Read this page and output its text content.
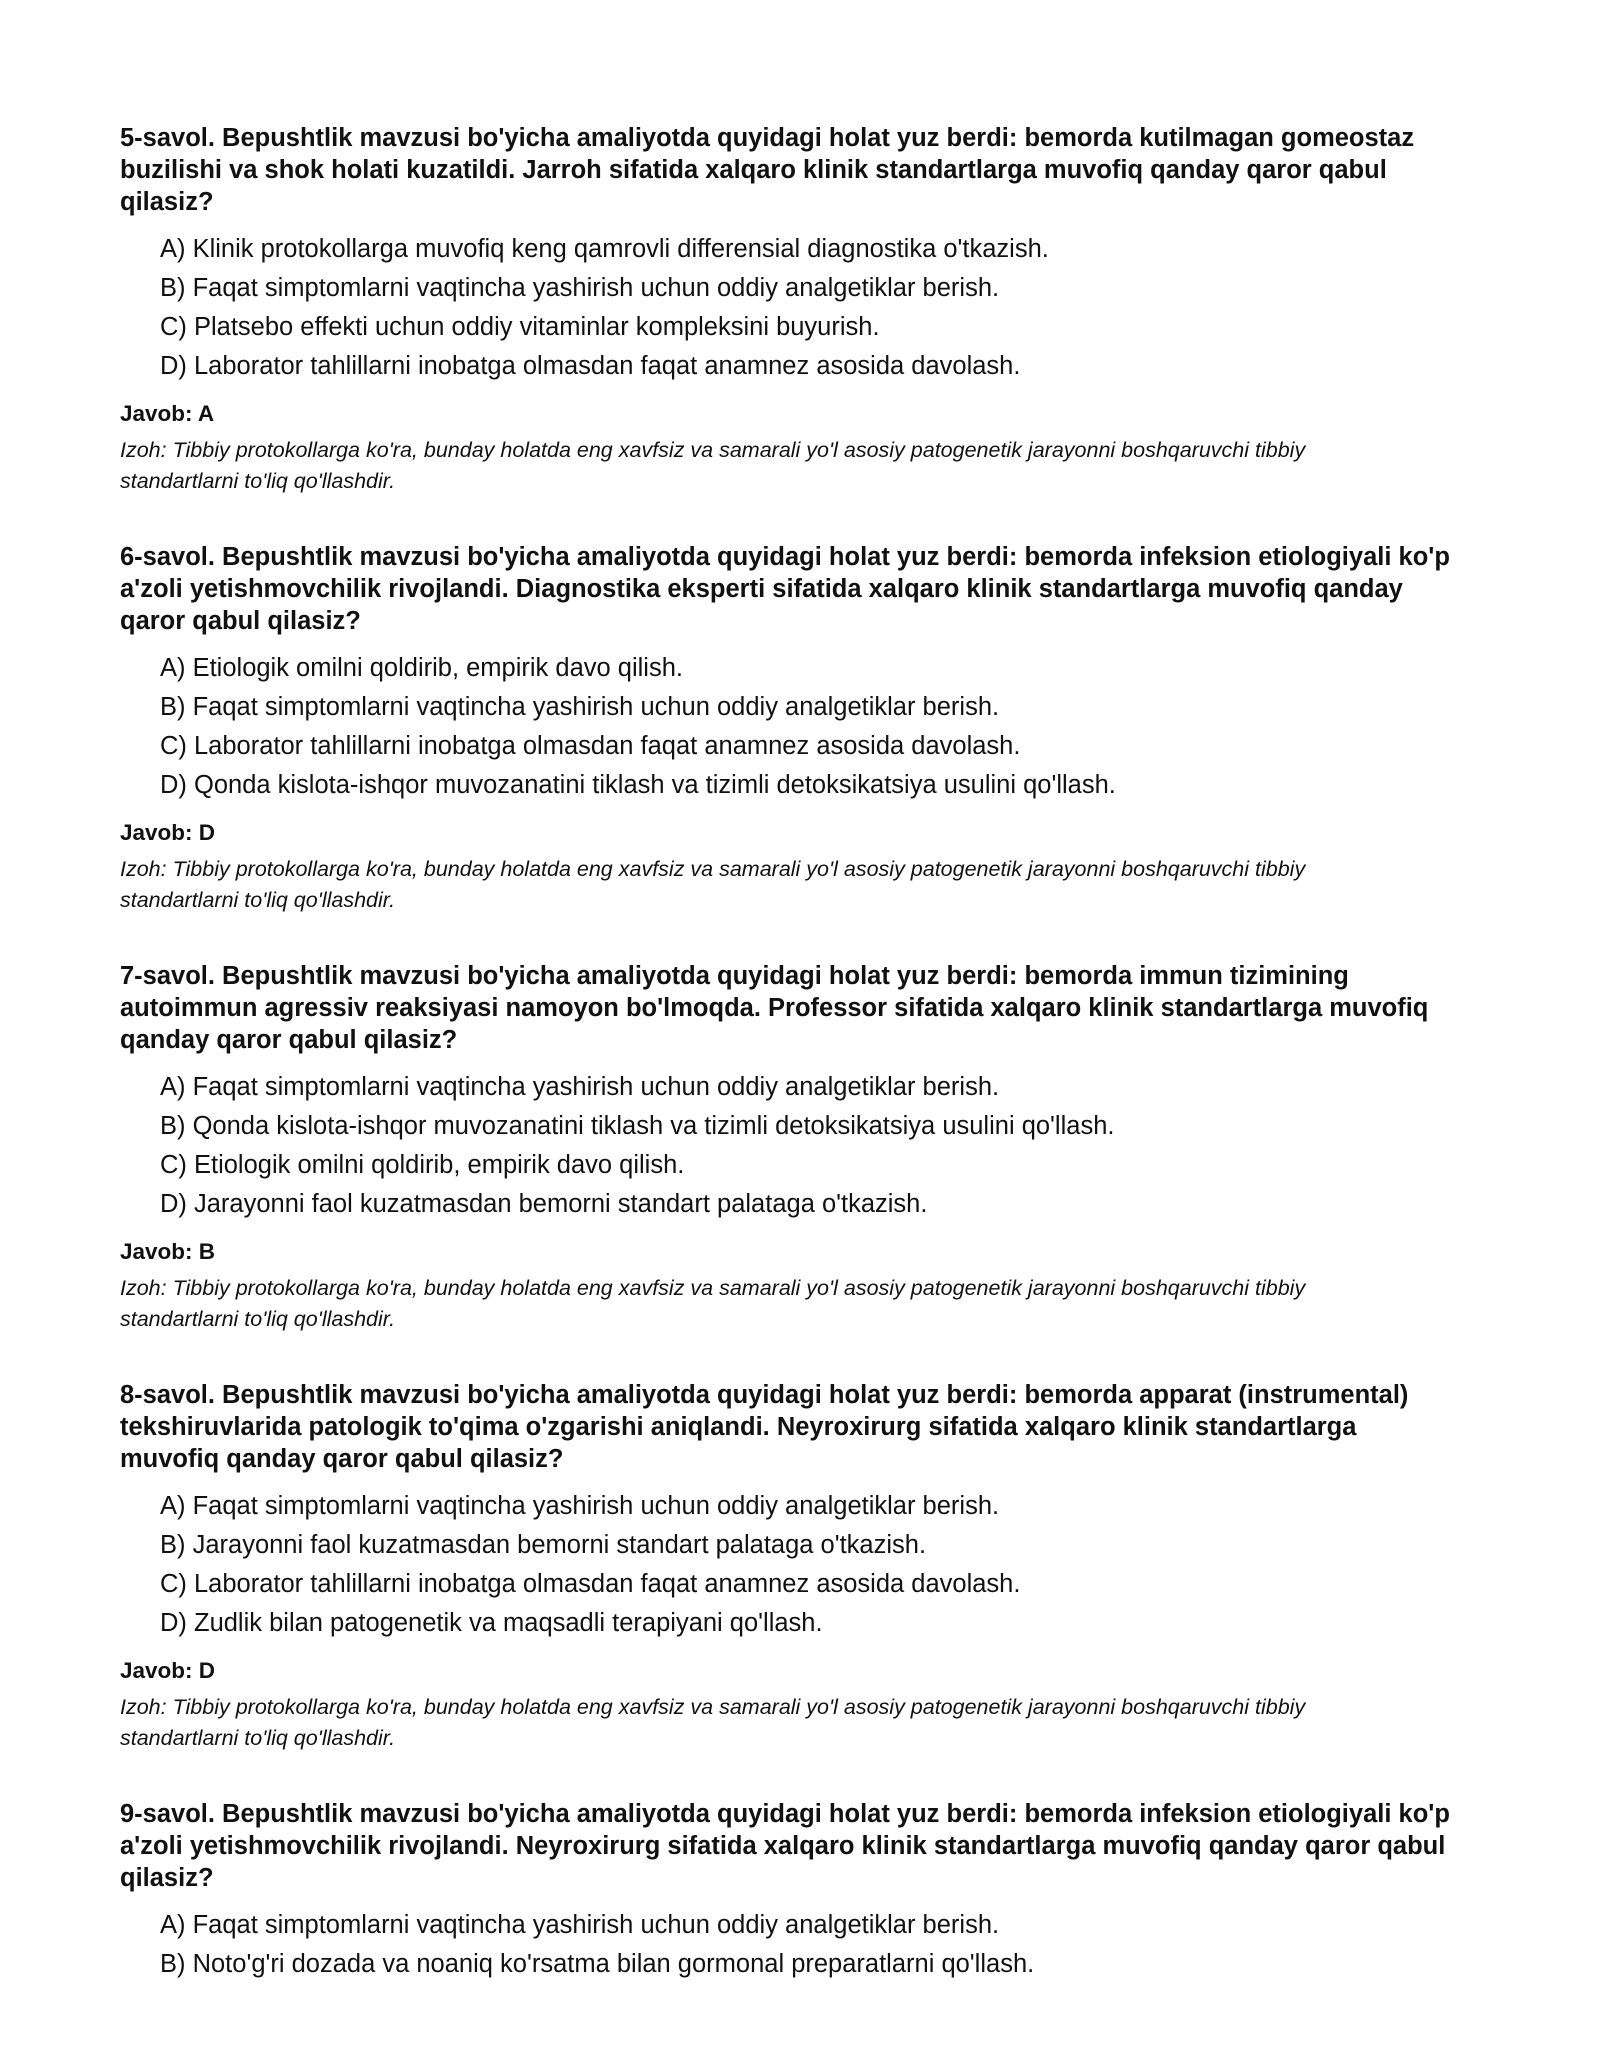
5-savol. Bepushtlik mavzusi bo'yicha amaliyotda quyidagi holat yuz berdi: bemorda kutilmagan gomeostaz buzilishi va shok holati kuzatildi. Jarroh sifatida xalqaro klinik standartlarga muvofiq qanday qaror qabul qilasiz?
A) Klinik protokollarga muvofiq keng qamrovli differensial diagnostika o'tkazish.
B) Faqat simptomlarni vaqtincha yashirish uchun oddiy analgetiklar berish.
C) Platsebo effekti uchun oddiy vitaminlar kompleksini buyurish.
D) Laborator tahlillarni inobatga olmasdan faqat anamnez asosida davolash.
Javob: A
Izoh: Tibbiy protokollarga ko'ra, bunday holatda eng xavfsiz va samarali yo'l asosiy patogenetik jarayonni boshqaruvchi tibbiy standartlarni to'liq qo'llashdir.
6-savol. Bepushtlik mavzusi bo'yicha amaliyotda quyidagi holat yuz berdi: bemorda infeksion etiologiyali ko'p a'zoli yetishmovchilik rivojlandi. Diagnostika eksperti sifatida xalqaro klinik standartlarga muvofiq qanday qaror qabul qilasiz?
A) Etiologik omilni qoldirib, empirik davo qilish.
B) Faqat simptomlarni vaqtincha yashirish uchun oddiy analgetiklar berish.
C) Laborator tahlillarni inobatga olmasdan faqat anamnez asosida davolash.
D) Qonda kislota-ishqor muvozanatini tiklash va tizimli detoksikatsiya usulini qo'llash.
Javob: D
Izoh: Tibbiy protokollarga ko'ra, bunday holatda eng xavfsiz va samarali yo'l asosiy patogenetik jarayonni boshqaruvchi tibbiy standartlarni to'liq qo'llashdir.
7-savol. Bepushtlik mavzusi bo'yicha amaliyotda quyidagi holat yuz berdi: bemorda immun tizimining autoimmun agressiv reaksiyasi namoyon bo'lmoqda. Professor sifatida xalqaro klinik standartlarga muvofiq qanday qaror qabul qilasiz?
A) Faqat simptomlarni vaqtincha yashirish uchun oddiy analgetiklar berish.
B) Qonda kislota-ishqor muvozanatini tiklash va tizimli detoksikatsiya usulini qo'llash.
C) Etiologik omilni qoldirib, empirik davo qilish.
D) Jarayonni faol kuzatmasdan bemorni standart palataga o'tkazish.
Javob: B
Izoh: Tibbiy protokollarga ko'ra, bunday holatda eng xavfsiz va samarali yo'l asosiy patogenetik jarayonni boshqaruvchi tibbiy standartlarni to'liq qo'llashdir.
8-savol. Bepushtlik mavzusi bo'yicha amaliyotda quyidagi holat yuz berdi: bemorda apparat (instrumental) tekshiruvlarida patologik to'qima o'zgarishi aniqlandi. Neyroxirurg sifatida xalqaro klinik standartlarga muvofiq qanday qaror qabul qilasiz?
A) Faqat simptomlarni vaqtincha yashirish uchun oddiy analgetiklar berish.
B) Jarayonni faol kuzatmasdan bemorni standart palataga o'tkazish.
C) Laborator tahlillarni inobatga olmasdan faqat anamnez asosida davolash.
D) Zudlik bilan patogenetik va maqsadli terapiyani qo'llash.
Javob: D
Izoh: Tibbiy protokollarga ko'ra, bunday holatda eng xavfsiz va samarali yo'l asosiy patogenetik jarayonni boshqaruvchi tibbiy standartlarni to'liq qo'llashdir.
9-savol. Bepushtlik mavzusi bo'yicha amaliyotda quyidagi holat yuz berdi: bemorda infeksion etiologiyali ko'p a'zoli yetishmovchilik rivojlandi. Neyroxirurg sifatida xalqaro klinik standartlarga muvofiq qanday qaror qabul qilasiz?
A) Faqat simptomlarni vaqtincha yashirish uchun oddiy analgetiklar berish.
B) Noto'g'ri dozada va noaniq ko'rsatma bilan gormonal preparatlarni qo'llash.
